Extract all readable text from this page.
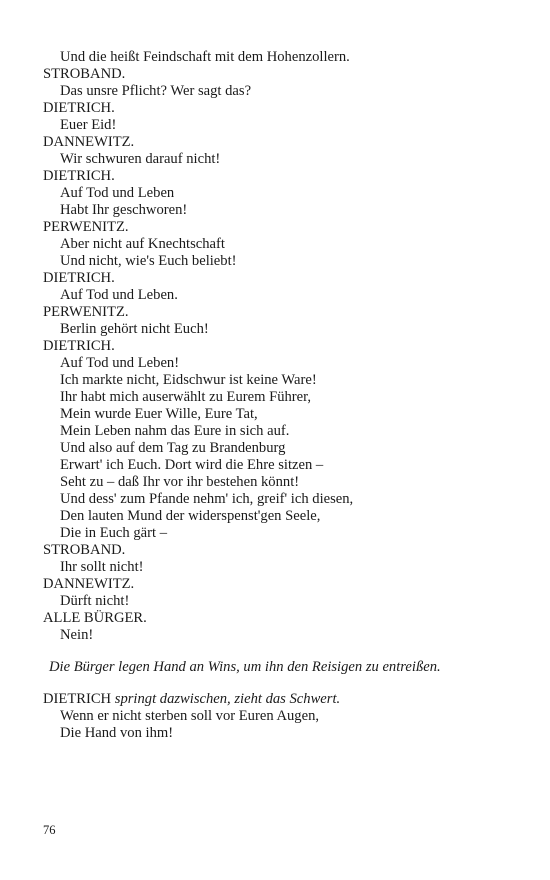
Und die heißt Feindschaft mit dem Hohenzollern.
STROBAND.
Das unsre Pflicht? Wer sagt das?
DIETRICH.
Euer Eid!
DANNEWITZ.
Wir schwuren darauf nicht!
DIETRICH.
Auf Tod und Leben
Habt Ihr geschworen!
PERWENITZ.
Aber nicht auf Knechtschaft
Und nicht, wie's Euch beliebt!
DIETRICH.
Auf Tod und Leben.
PERWENITZ.
Berlin gehört nicht Euch!
DIETRICH.
Auf Tod und Leben!
Ich markte nicht, Eidschwur ist keine Ware!
Ihr habt mich auserwählt zu Eurem Führer,
Mein wurde Euer Wille, Eure Tat,
Mein Leben nahm das Eure in sich auf.
Und also auf dem Tag zu Brandenburg
Erwart' ich Euch. Dort wird die Ehre sitzen –
Seht zu – daß Ihr vor ihr bestehen könnt!
Und dess' zum Pfande nehm' ich, greif' ich diesen,
Den lauten Mund der widerspenst'gen Seele,
Die in Euch gärt –
STROBAND.
Ihr sollt nicht!
DANNEWITZ.
Dürft nicht!
ALLE BÜRGER.
Nein!
Die Bürger legen Hand an Wins, um ihn den Reisigen zu entreißen.
DIETRICH springt dazwischen, zieht das Schwert.
Wenn er nicht sterben soll vor Euren Augen,
Die Hand von ihm!
76
